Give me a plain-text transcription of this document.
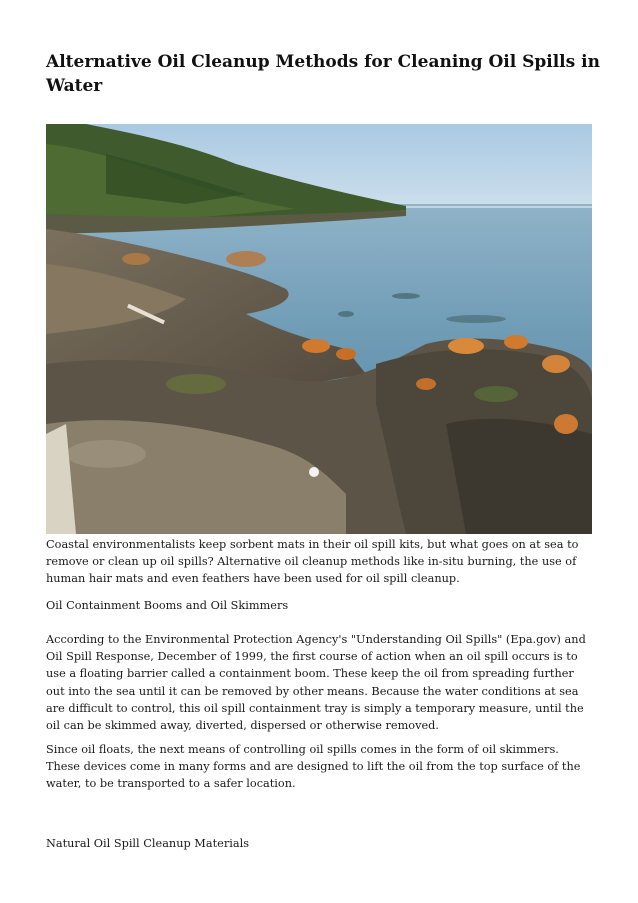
Alternative Oil Cleanup Methods for Cleaning Oil Spills in Water

Coastal environmentalists keep sorbent mats in their oil spill kits, but what goes on at sea to remove or clean up oil spills? Alternative oil cleanup methods like in-situ burning, the use of human hair mats and even feathers have been used for oil spill cleanup.

Oil Containment Booms and Oil Skimmers

According to the Environmental Protection Agency's "Understanding Oil Spills" (Epa.gov) and Oil Spill Response, December of 1999, the first course of action when an oil spill occurs is to use a floating barrier called a containment boom. These keep the oil from spreading further out into the sea until it can be removed by other means. Because the water conditions at sea are difficult to control, this oil spill containment tray is simply a temporary measure, until the oil can be skimmed away, diverted, dispersed or otherwise removed.

Since oil floats, the next means of controlling oil spills comes in the form of oil skimmers. These devices come in many forms and are designed to lift the oil from the top surface of the water, to be transported to a safer location.

Natural Oil Spill Cleanup Materials
